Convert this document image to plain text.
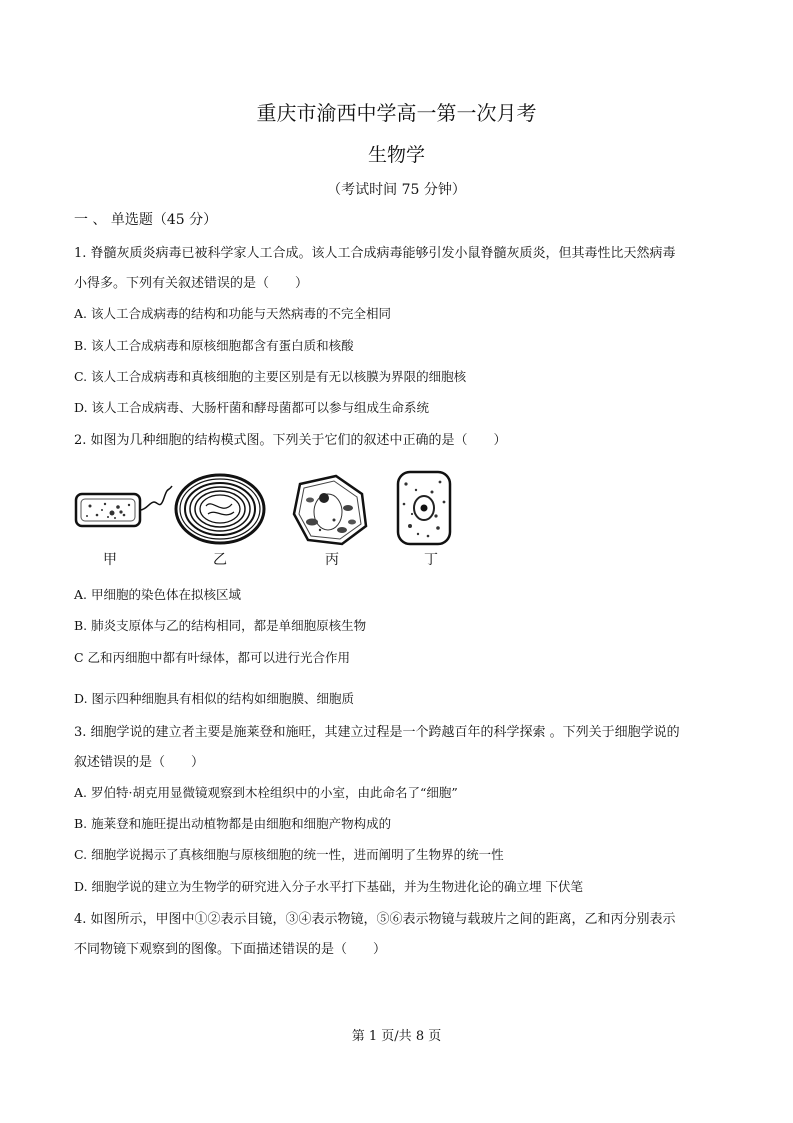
重庆市渝西中学高一第一次月考
生物学
（考试时间 75 分钟）
一 、 单选题（45 分）
1. 脊髓灰质炎病毒已被科学家人工合成。该人工合成病毒能够引发小鼠脊髓灰质炎，但其毒性比天然病毒
小得多。下列有关叙述错误的是（　　）
A. 该人工合成病毒的结构和功能与天然病毒的不完全相同
B. 该人工合成病毒和原核细胞都含有蛋白质和核酸
C. 该人工合成病毒和真核细胞的主要区别是有无以核膜为界限的细胞核
D. 该人工合成病毒、大肠杆菌和酵母菌都可以参与组成生命系统
2. 如图为几种细胞的结构模式图。下列关于它们的叙述中正确的是（　　）
甲	乙	丙	丁
A. 甲细胞的染色体在拟核区域
B. 肺炎支原体与乙的结构相同，都是单细胞原核生物
C 乙和丙细胞中都有叶绿体，都可以进行光合作用
D. 图示四种细胞具有相似的结构如细胞膜、细胞质
3. 细胞学说的建立者主要是施莱登和施旺，其建立过程是一个跨越百年的科学探索 。下列关于细胞学说的
叙述错误的是（　　）
A. 罗伯特·胡克用显微镜观察到木栓组织中的小室，由此命名了“细胞”
B. 施莱登和施旺提出动植物都是由细胞和细胞产物构成的
C. 细胞学说揭示了真核细胞与原核细胞的统一性，进而阐明了生物界的统一性
D. 细胞学说的建立为生物学的研究进入分子水平打下基础，并为生物进化论的确立埋 下伏笔
4. 如图所示，甲图中①②表示目镜，③④表示物镜，⑤⑥表示物镜与载玻片之间的距离，乙和丙分别表示
不同物镜下观察到的图像。下面描述错误的是（　　）
第 1 页/共 8 页
